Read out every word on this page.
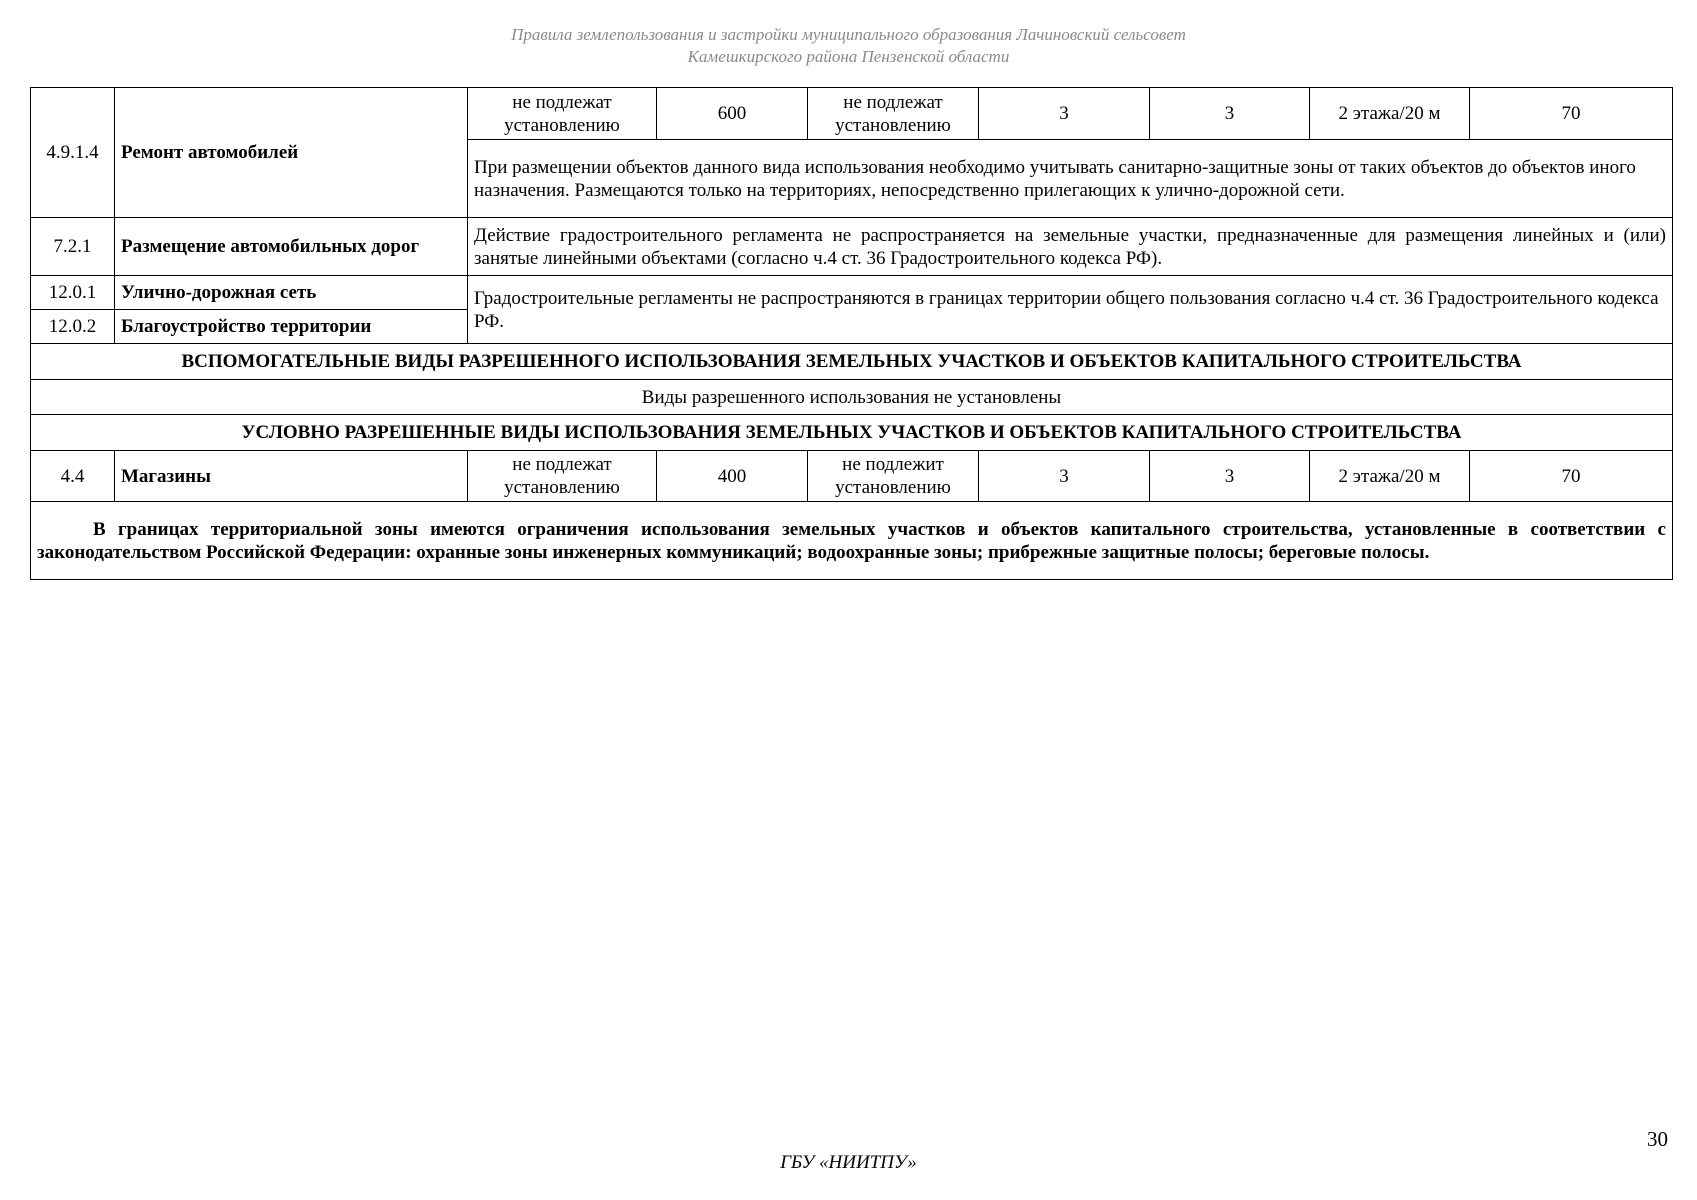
Правила землепользования и застройки муниципального образования Лачиновский сельсовет
Камешкирского района Пензенской области
4.9.1.4	Ремонт автомобилей	не подлежат установлению	600	не подлежат установлению	3	3	2 этажа/20 м	70
		При размещении объектов данного вида использования необходимо учитывать санитарно-защитные зоны от таких объектов до объектов иного назначения. Размещаются только на территориях, непосредственно прилегающих к улично-дорожной сети.						
7.2.1	Размещение автомобильных дорог	Действие градостроительного регламента не распространяется на земельные участки, предназначенные для размещения линейных и (или) занятые линейными объектами (согласно ч.4 ст. 36 Градостроительного кодекса РФ).						
12.0.1	Улично-дорожная сеть	Градостроительные регламенты не распространяются в границах территории общего пользования согласно ч.4 ст. 36 Градостроительного кодекса РФ.						
12.0.2	Благоустройство территории							
ВСПОМОГАТЕЛЬНЫЕ ВИДЫ РАЗРЕШЕННОГО ИСПОЛЬЗОВАНИЯ ЗЕМЕЛЬНЫХ УЧАСТКОВ И ОБЪЕКТОВ КАПИТАЛЬНОГО СТРОИТЕЛЬСТВА								
Виды разрешенного использования не установлены								
УСЛОВНО РАЗРЕШЕННЫЕ ВИДЫ ИСПОЛЬЗОВАНИЯ ЗЕМЕЛЬНЫХ УЧАСТКОВ И ОБЪЕКТОВ КАПИТАЛЬНОГО СТРОИТЕЛЬСТВА								
4.4	Магазины	не подлежат установлению	400	не подлежит установлению	3	3	2 этажа/20 м	70
В границах территориальной зоны имеются ограничения использования земельных участков и объектов капитального строительства, установленные в соответствии с законодательством Российской Федерации: охранные зоны инженерных коммуникаций; водоохранные зоны; прибрежные защитные полосы; береговые полосы.								
30
ГБУ «НИИТПУ»
